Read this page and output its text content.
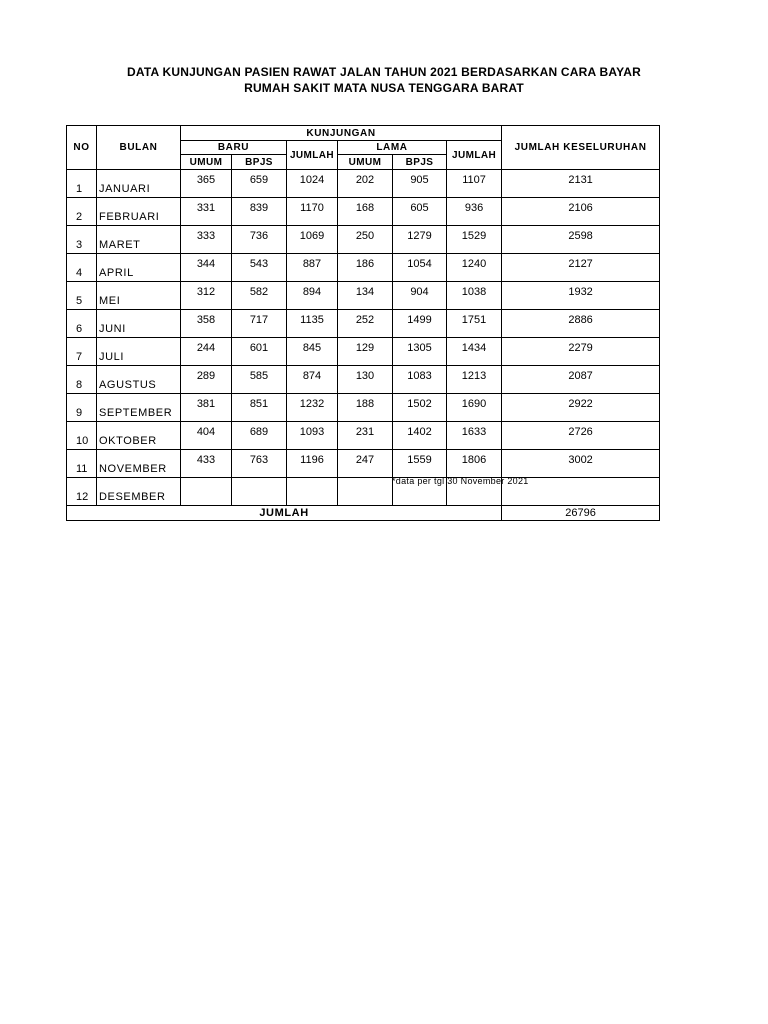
DATA KUNJUNGAN PASIEN RAWAT JALAN TAHUN 2021 BERDASARKAN CARA BAYAR
RUMAH SAKIT MATA NUSA TENGGARA BARAT
NO	BULAN	KUNJUNGAN						JUMLAH KESELURUHAN
		BARU		JUMLAH	LAMA		JUMLAH	
		UMUM	BPJS		UMUM	BPJS		
1	JANUARI	365	659	1024	202	905	1107	2131
2	FEBRUARI	331	839	1170	168	605	936	2106
3	MARET	333	736	1069	250	1279	1529	2598
4	APRIL	344	543	887	186	1054	1240	2127
5	MEI	312	582	894	134	904	1038	1932
6	JUNI	358	717	1135	252	1499	1751	2886
7	JULI	244	601	845	129	1305	1434	2279
8	AGUSTUS	289	585	874	130	1083	1213	2087
9	SEPTEMBER	381	851	1232	188	1502	1690	2922
10	OKTOBER	404	689	1093	231	1402	1633	2726
11	NOVEMBER	433	763	1196	247	1559	1806	3002
12	DESEMBER							
JUMLAH								26796
*data per tgl 30 November 2021
